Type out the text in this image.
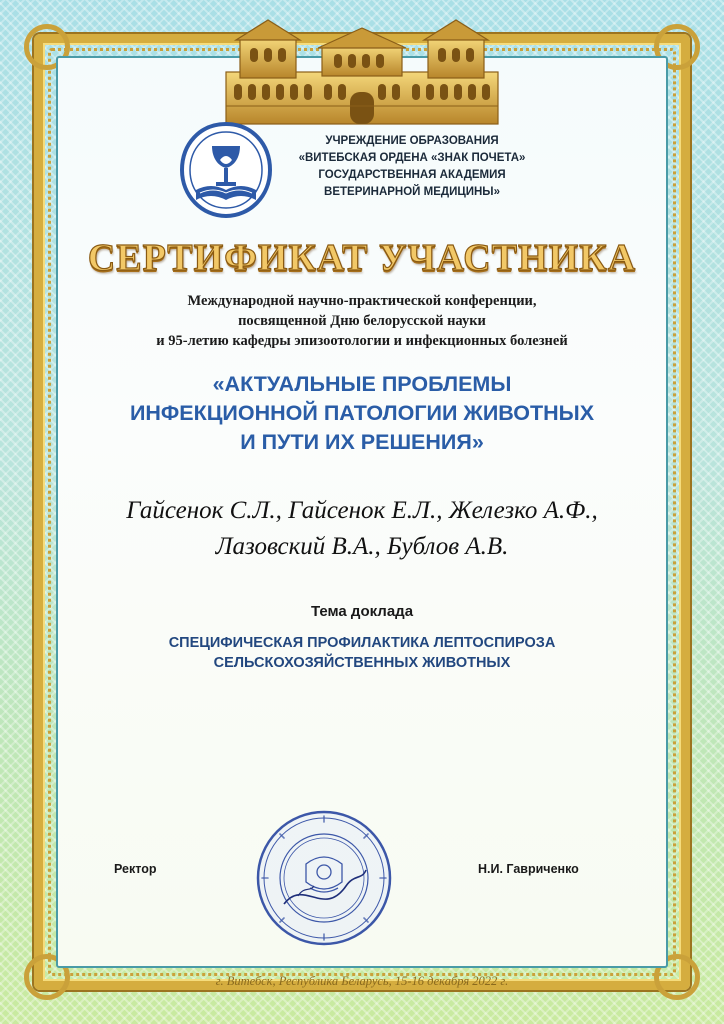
УЧРЕЖДЕНИЕ ОБРАЗОВАНИЯ
«ВИТЕБСКАЯ ОРДЕНА «ЗНАК ПОЧЕТА»
ГОСУДАРСТВЕННАЯ АКАДЕМИЯ
ВЕТЕРИНАРНОЙ МЕДИЦИНЫ»
СЕРТИФИКАТ УЧАСТНИКА
Международной научно-практической конференции,
посвященной Дню белорусской науки
и 95-летию кафедры эпизоотологии и инфекционных болезней
«АКТУАЛЬНЫЕ ПРОБЛЕМЫ
ИНФЕКЦИОННОЙ ПАТОЛОГИИ ЖИВОТНЫХ
И ПУТИ ИХ РЕШЕНИЯ»
Гайсенок С.Л., Гайсенок Е.Л., Железко А.Ф.,
Лазовский В.А., Бублов А.В.
Тема доклада
СПЕЦИФИЧЕСКАЯ ПРОФИЛАКТИКА ЛЕПТОСПИРОЗА
СЕЛЬСКОХОЗЯЙСТВЕННЫХ ЖИВОТНЫХ
Ректор	Н.И. Гавриченко
г. Витебск, Республика Беларусь, 15-16 декабря 2022 г.
